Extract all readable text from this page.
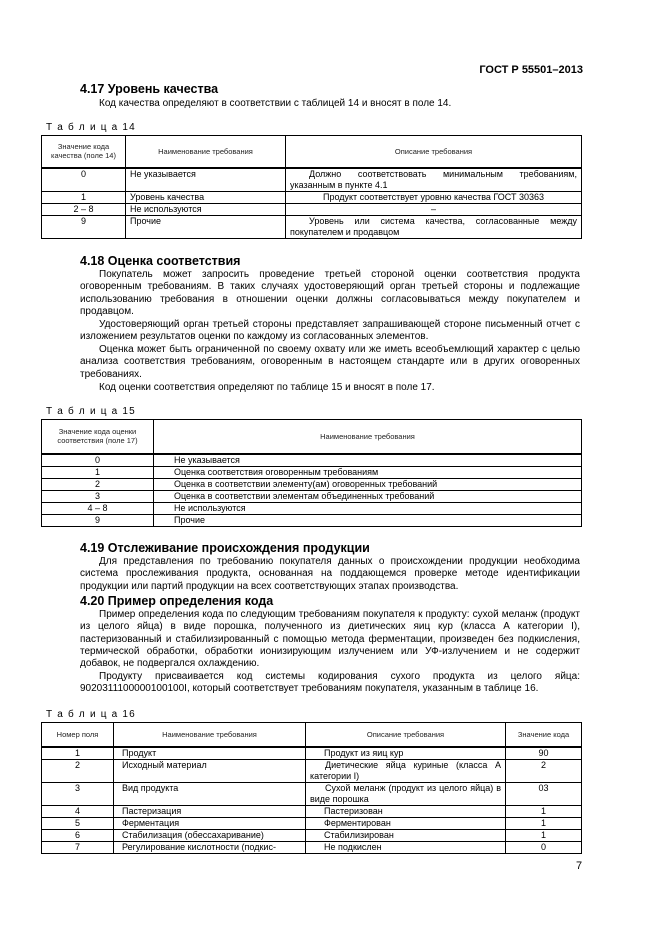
ГОСТ Р 55501–2013
4.17 Уровень качества
Код качества определяют в соответствии с таблицей 14 и вносят в поле 14.
Т а б л и ц а 14
Значение кода качества (поле 14)	Наименование требования	Описание требования
0	Не указывается	Должно соответствовать минимальным требованиям, указанным в пункте 4.1
1	Уровень качества	Продукт соответствует уровню качества ГОСТ 30363
2 – 8	Не используются	–
9	Прочие	Уровень или система качества, согласованные между покупателем и продавцом
4.18 Оценка соответствия
Покупатель может запросить проведение третьей стороной оценки соответствия продукта оговоренным требованиям. В таких случаях удостоверяющий орган третьей стороны и подлежащие использованию требования в отношении оценки должны согласовываться между покупателем и продавцом.
Удостоверяющий орган третьей стороны представляет запрашивающей стороне письменный отчет с изложением результатов оценки по каждому из согласованных элементов.
Оценка может быть ограниченной по своему охвату или же иметь всеобъемлющий характер с целью анализа соответствия требованиям, оговоренным в настоящем стандарте или в других оговоренных требованиях.
Код оценки соответствия определяют по таблице 15 и вносят в поле 17.
Т а б л и ц а 15
Значение кода оценки соответствия (поле 17)	Наименование требования
0	Не указывается
1	Оценка соответствия оговоренным требованиям
2	Оценка в соответствии элементу(ам) оговоренных требований
3	Оценка в соответствии элементам объединенных требований
4 – 8	Не используются
9	Прочие
4.19 Отслеживание происхождения продукции
Для представления по требованию покупателя данных о происхождении продукции необходима система прослеживания продукта, основанная на поддающемся проверке методе идентификации продукции или партий продукции на всех соответствующих этапах производства.
4.20 Пример определения кода
Пример определения кода по следующим требованиям покупателя к продукту: сухой меланж (продукт из целого яйца) в виде порошка, полученного из диетических яиц кур (класса А категории I), пастеризованный и стабилизированный с помощью метода ферментации, произведен без подкисления, термической обработки, обработки ионизирующим излучением или УФ-излучением и не содержит добавок, не подвергался охлаждению.
Продукту присваивается код системы кодирования сухого продукта из целого яйца: 9020311100000100100I, который соответствует требованиям покупателя, указанным в таблице 16.
Т а б л и ц а 16
Номер поля	Наименование требования	Описание требования	Значение кода
1	Продукт	Продукт из яиц кур	90
2	Исходный материал	Диетические яйца куриные (класса А категории I)	2
3	Вид продукта	Сухой меланж (продукт из целого яйца) в виде порошка	03
4	Пастеризация	Пастеризован	1
5	Ферментация	Ферментирован	1
6	Стабилизация (обессахаривание)	Стабилизирован	1
7	Регулирование кислотности (подкис-	Не подкислен	0
7
